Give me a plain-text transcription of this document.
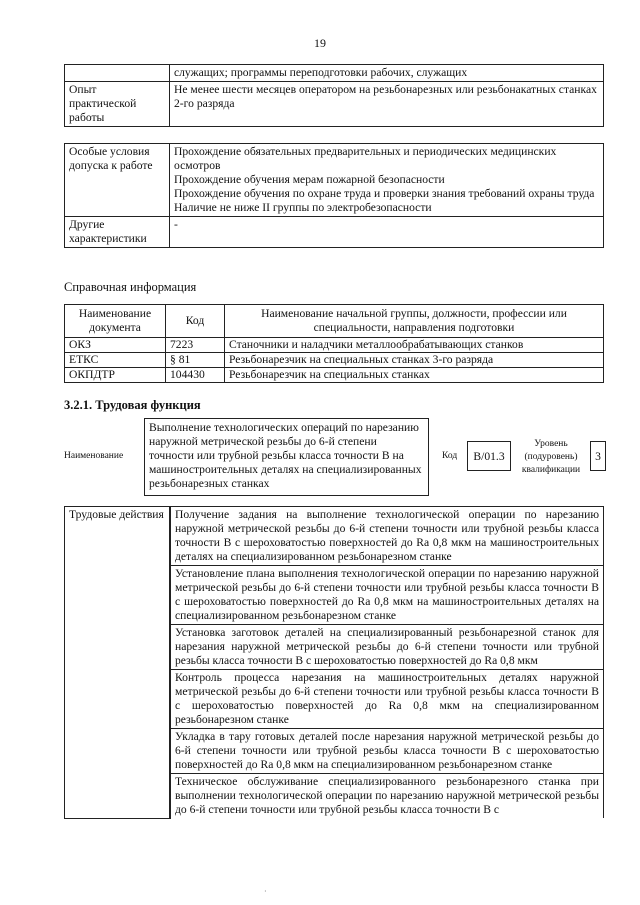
19
	служащих; программы переподготовки рабочих, служащих
Опыт практической работы	Не менее шести месяцев оператором на резьбонарезных или резьбонакатных станках 2-го разряда
Особые условия допуска к работе	Прохождение обязательных предварительных и периодических медицинских осмотров
Прохождение обучения мерам пожарной безопасности
Прохождение обучения по охране труда и проверки знания требований охраны труда
Наличие не ниже II группы по электробезопасности

Другие характеристики	-
Справочная информация
Наименование документа	Код	Наименование начальной группы, должности, профессии или специальности, направления подготовки
ОКЗ	7223	Станочники и наладчики металлообрабатывающих станков
ЕТКС	§ 81	Резьбонарезчик на специальных станках 3-го разряда
ОКПДТР	104430	Резьбонарезчик на специальных станках
3.2.1. Трудовая функция
Наименование
Выполнение технологических операций по нарезанию наружной метрической резьбы до 6-й степени точности или трубной резьбы класса точности В на машиностроительных деталях на специализированных резьбонарезных станках
Код	B/01.3
Уровень (подуровень) квалификации
3
Трудовые действия	Получение задания на выполнение технологической операции по нарезанию наружной метрической резьбы до 6-й степени точности или трубной резьбы класса точности В с шероховатостью поверхностей до Ra 0,8 мкм на машиностроительных деталях на специализированном резьбонарезном станке
Установление плана выполнения технологической операции по нарезанию наружной метрической резьбы до 6-й степени точности или трубной резьбы класса точности В с шероховатостью поверхностей до Ra 0,8 мкм на машиностроительных деталях на специализированном резьбонарезном станке
Установка заготовок деталей на специализированный резьбонарезной станок для нарезания наружной метрической резьбы до 6-й степени точности или трубной резьбы класса точности В с шероховатостью поверхностей до Ra 0,8 мкм
Контроль процесса нарезания на машиностроительных деталях наружной метрической резьбы до 6-й степени точности или трубной резьбы класса точности В с шероховатостью поверхностей до Ra 0,8 мкм на специализированном резьбонарезном станке
Укладка в тару готовых деталей после нарезания наружной метрической резьбы до 6-й степени точности или трубной резьбы класса точности В с шероховатостью поверхностей до Ra 0,8 мкм на специализированном резьбонарезном станке
Техническое обслуживание специализированного резьбонарезного станка при выполнении технологической операции по нарезанию наружной метрической резьбы до 6-й степени точности или трубной резьбы класса точности В с
·
